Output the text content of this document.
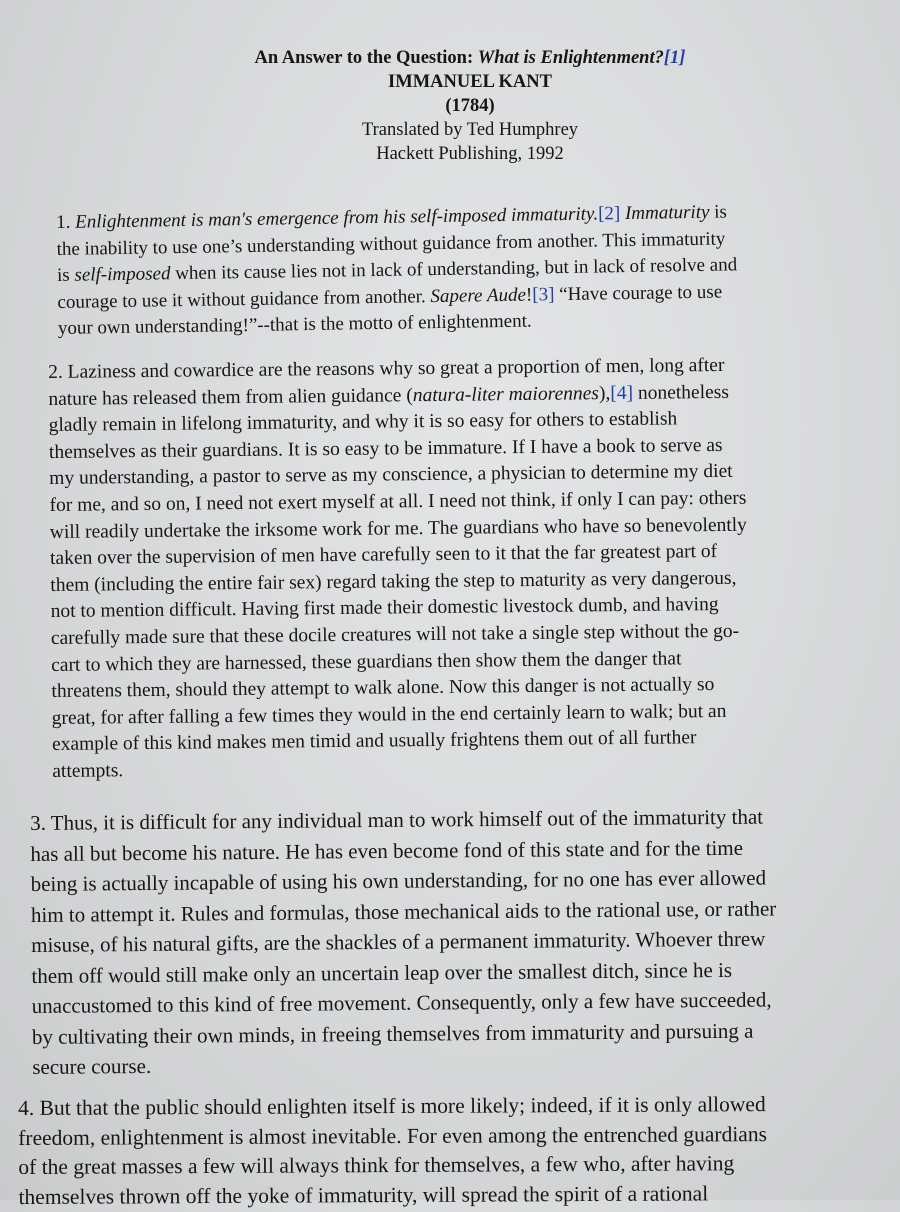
An Answer to the Question: What is Enlightenment?[1]
IMMANUEL KANT
(1784)
Translated by Ted Humphrey
Hackett Publishing, 1992
1. Enlightenment is man's emergence from his self-imposed immaturity.[2] Immaturity is
the inability to use one’s understanding without guidance from another. This immaturity
is self-imposed when its cause lies not in lack of understanding, but in lack of resolve and
courage to use it without guidance from another. Sapere Aude![3] “Have courage to use
your own understanding!”--that is the motto of enlightenment.
2. Laziness and cowardice are the reasons why so great a proportion of men, long after
nature has released them from alien guidance (natura-liter maiorennes),[4] nonetheless
gladly remain in lifelong immaturity, and why it is so easy for others to establish
themselves as their guardians. It is so easy to be immature. If I have a book to serve as
my understanding, a pastor to serve as my conscience, a physician to determine my diet
for me, and so on, I need not exert myself at all. I need not think, if only I can pay: others
will readily undertake the irksome work for me. The guardians who have so benevolently
taken over the supervision of men have carefully seen to it that the far greatest part of
them (including the entire fair sex) regard taking the step to maturity as very dangerous,
not to mention difficult. Having first made their domestic livestock dumb, and having
carefully made sure that these docile creatures will not take a single step without the go-
cart to which they are harnessed, these guardians then show them the danger that
threatens them, should they attempt to walk alone. Now this danger is not actually so
great, for after falling a few times they would in the end certainly learn to walk; but an
example of this kind makes men timid and usually frightens them out of all further
attempts.
3. Thus, it is difficult for any individual man to work himself out of the immaturity that
has all but become his nature. He has even become fond of this state and for the time
being is actually incapable of using his own understanding, for no one has ever allowed
him to attempt it. Rules and formulas, those mechanical aids to the rational use, or rather
misuse, of his natural gifts, are the shackles of a permanent immaturity. Whoever threw
them off would still make only an uncertain leap over the smallest ditch, since he is
unaccustomed to this kind of free movement. Consequently, only a few have succeeded,
by cultivating their own minds, in freeing themselves from immaturity and pursuing a
secure course.
4. But that the public should enlighten itself is more likely; indeed, if it is only allowed
freedom, enlightenment is almost inevitable. For even among the entrenched guardians
of the great masses a few will always think for themselves, a few who, after having
themselves thrown off the yoke of immaturity, will spread the spirit of a rational
